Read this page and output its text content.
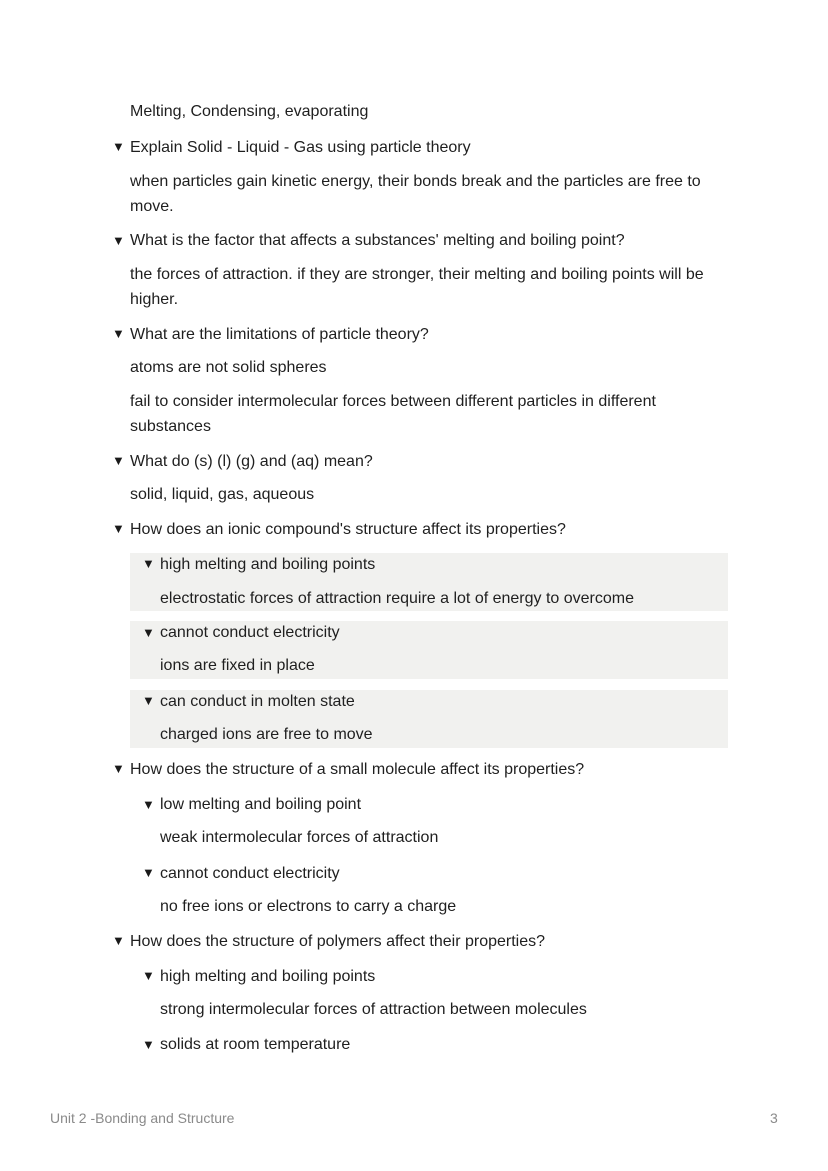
Melting, Condensing, evaporating
▼ Explain Solid - Liquid - Gas using particle theory
when particles gain kinetic energy, their bonds break and the particles are free to move.
▼ What is the factor that affects a substances' melting and boiling point?
the forces of attraction. if they are stronger, their melting and boiling points will be higher.
▼ What are the limitations of particle theory?
atoms are not solid spheres
fail to consider intermolecular forces between different particles in different substances
▼ What do (s) (l) (g) and (aq) mean?
solid, liquid, gas, aqueous
▼ How does an ionic compound's structure affect its properties?
▼ high melting and boiling points
electrostatic forces of attraction require a lot of energy to overcome
▼ cannot conduct electricity
ions are fixed in place
▼ can conduct in molten state
charged ions are free to move
▼ How does the structure of a small molecule affect its properties?
▼ low melting and boiling point
weak intermolecular forces of attraction
▼ cannot conduct electricity
no free ions or electrons to carry a charge
▼ How does the structure of polymers affect their properties?
▼ high melting and boiling points
strong intermolecular forces of attraction between molecules
▼ solids at room temperature
Unit 2 -Bonding and Structure	3
